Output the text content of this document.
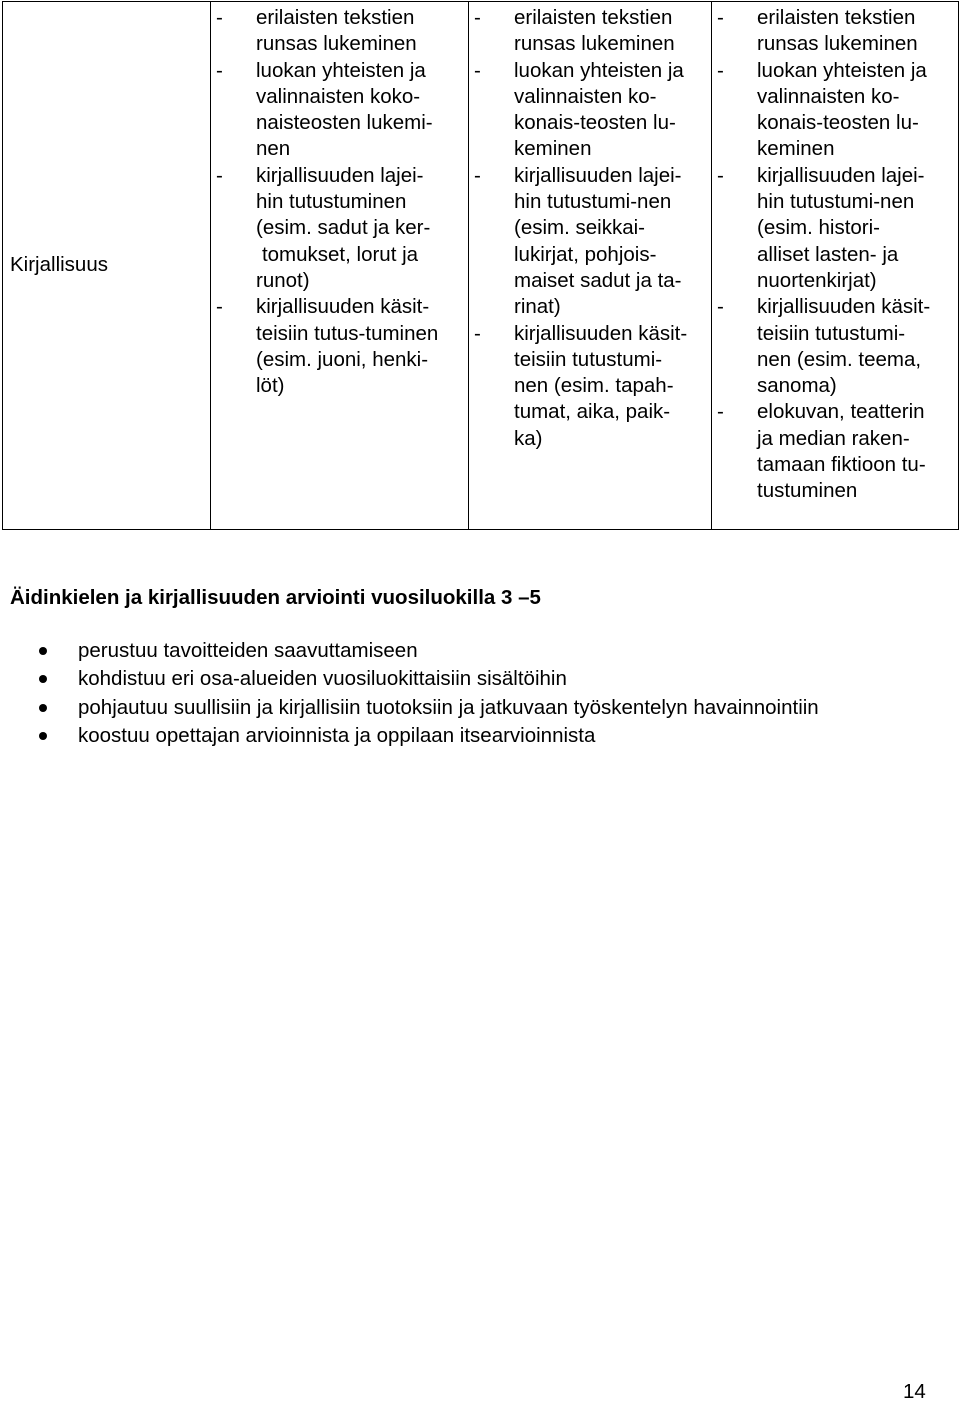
Kirjallisuus

- erilaisten tekstien
runsas lukeminen
- luokan yhteisten ja
valinnaisten koko-
naisteosten lukemi-
nen
- kirjallisuuden lajei-
hin tutustuminen
(esim. sadut ja ker-
tomukset, lorut ja
runot)
- kirjallisuuden käsit-
teisiin tutus-tuminen
(esim. juoni, henki-
löt)

- erilaisten tekstien
runsas lukeminen
- luokan yhteisten ja
valinnaisten ko-
konais-teosten lu-
keminen
- kirjallisuuden lajei-
hin tutustumi-nen
(esim. seikkai-
lukirjat, pohjois-
maiset sadut ja ta-
rinat)
- kirjallisuuden käsit-
teisiin tutustumi-
nen (esim. tapah-
tumat, aika, paik-
ka)

- erilaisten tekstien
runsas lukeminen
- luokan yhteisten ja
valinnaisten ko-
konais-teosten lu-
keminen
- kirjallisuuden lajei-
hin tutustumi-nen
(esim. histori-
alliset lasten- ja
nuortenkirjat)
- kirjallisuuden käsit-
teisiin tutustumi-
nen (esim. teema,
sanoma)
- elokuvan, teatterin
ja median raken-
tamaan fiktioon tu-
tustuminen
Äidinkielen ja kirjallisuuden arviointi vuosiluokilla 3 –5
perustuu tavoitteiden saavuttamiseen
kohdistuu eri osa-alueiden vuosiluokittaisiin sisältöihin
pohjautuu suullisiin ja kirjallisiin tuotoksiin ja jatkuvaan työskentelyn havainnointiin
koostuu opettajan arvioinnista ja oppilaan itsearvioinnista
14
